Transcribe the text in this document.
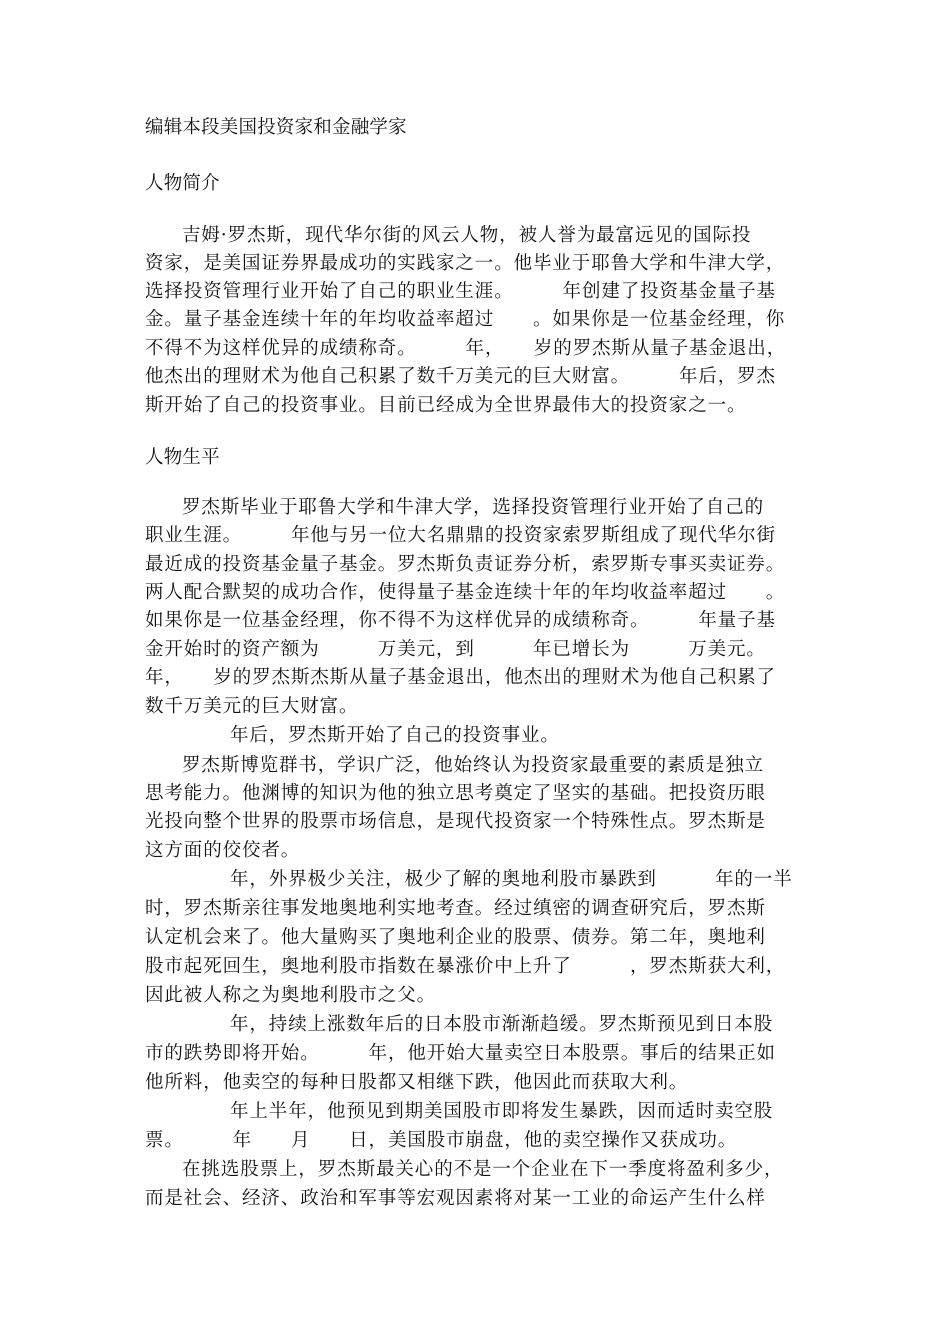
编辑本段美国投资家和金融学家
人物简介
吉姆·罗杰斯，现代华尔街的风云人物，被人誉为最富远见的国际投
资家，是美国证券界最成功的实践家之一。他毕业于耶鲁大学和牛津大学，
选择投资管理行业开始了自己的职业生涯。　　　年创建了投资基金量子基
金。量子基金连续十年的年均收益率超过　　。如果你是一位基金经理，你
不得不为这样优异的成绩称奇。　　　年，　　岁的罗杰斯从量子基金退出，
他杰出的理财术为他自己积累了数千万美元的巨大财富。　　　年后，罗杰
斯开始了自己的投资事业。目前已经成为全世界最伟大的投资家之一。
人物生平
罗杰斯毕业于耶鲁大学和牛津大学，选择投资管理行业开始了自己的
职业生涯。　　　年他与另一位大名鼎鼎的投资家索罗斯组成了现代华尔街
最近成的投资基金量子基金。罗杰斯负责证券分析，索罗斯专事买卖证券。
两人配合默契的成功合作，使得量子基金连续十年的年均收益率超过　　。
如果你是一位基金经理，你不得不为这样优异的成绩称奇。　　　年量子基
金开始时的资产额为　　　万美元，到　　　年已增长为　　　万美元。
年，　　岁的罗杰斯杰斯从量子基金退出，他杰出的理财术为他自己积累了
数千万美元的巨大财富。
年后，罗杰斯开始了自己的投资事业。
罗杰斯博览群书，学识广泛，他始终认为投资家最重要的素质是独立
思考能力。他渊博的知识为他的独立思考奠定了坚实的基础。把投资历眼
光投向整个世界的股票市场信息，是现代投资家一个特殊性点。罗杰斯是
这方面的佼佼者。
年，外界极少关注，极少了解的奥地利股市暴跌到　　　年的一半
时，罗杰斯亲往事发地奥地利实地考查。经过缜密的调查研究后，罗杰斯
认定机会来了。他大量购买了奥地利企业的股票、债券。第二年，奥地利
股市起死回生，奥地利股市指数在暴涨价中上升了　　　，罗杰斯获大利，
因此被人称之为奥地利股市之父。
年，持续上涨数年后的日本股市渐渐趋缓。罗杰斯预见到日本股
市的跌势即将开始。　　　年，他开始大量卖空日本股票。事后的结果正如
他所料，他卖空的每种日股都又相继下跌，他因此而获取大利。
年上半年，他预见到期美国股市即将发生暴跌，因而适时卖空股
票。　　　年　　月　　日，美国股市崩盘，他的卖空操作又获成功。
在挑选股票上，罗杰斯最关心的不是一个企业在下一季度将盈利多少，
而是社会、经济、政治和军事等宏观因素将对某一工业的命运产生什么样
